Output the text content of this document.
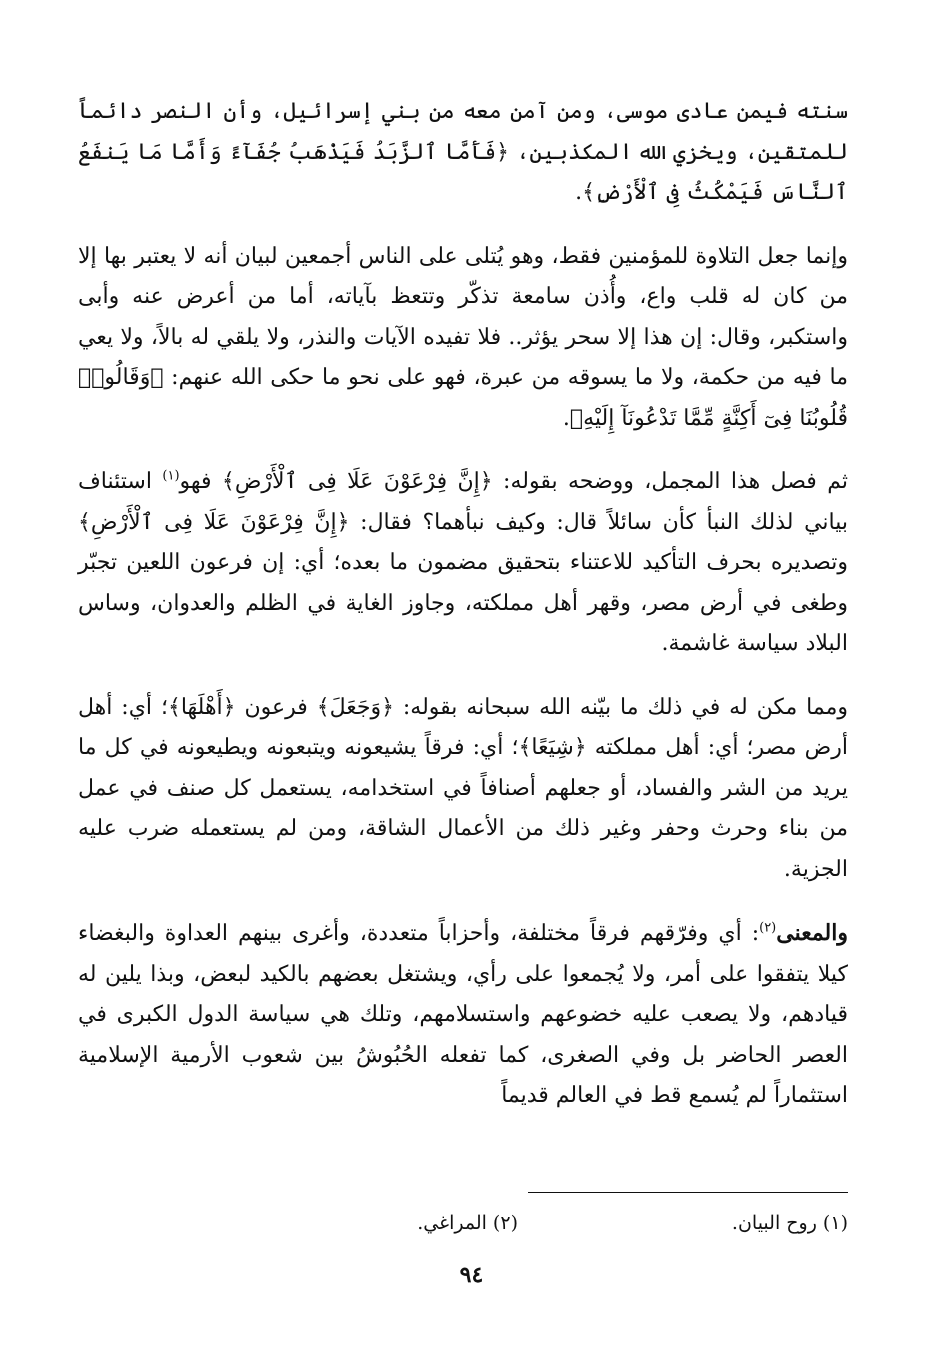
سنته فيمن عادى موسى، ومن آمن معه من بني إسرائيل، وأن النصر دائماً للمتقين، ويخزي الله المكذبين، ﴿فَأَمَّا ٱلزَّبَدُ فَيَذْهَبُ جُفَآءً وَأَمَّا مَا يَنفَعُ ٱلنَّاسَ فَيَمْكُثُ فِى ٱلْأَرْضِ﴾.

وإنما جعل التلاوة للمؤمنين فقط، وهو يُتلى على الناس أجمعين لبيان أنه لا يعتبر بها إلا من كان له قلب واع، وأُذن سامعة تذكّر وتتعظ بآياته، أما من أعرض عنه وأبى واستكبر، وقال: إن هذا إلا سحر يؤثر.. فلا تفيده الآيات والنذر، ولا يلقي له بالاً، ولا يعي ما فيه من حكمة، ولا ما يسوقه من عبرة، فهو على نحو ما حكى الله عنهم: ﴿وَقَالُوا۟ قُلُوبُنَا فِىٓ أَكِنَّةٍ مِّمَّا تَدْعُونَآ إِلَيْهِ﴾.

ثم فصل هذا المجمل، ووضحه بقوله: ﴿إِنَّ فِرْعَوْنَ عَلَا فِى ٱلْأَرْضِ﴾ فهو$^{(١)}$ استئناف بياني لذلك النبأ كأن سائلاً قال: وكيف نبأهما؟ فقال: ﴿إِنَّ فِرْعَوْنَ عَلَا فِى ٱلْأَرْضِ﴾ وتصديره بحرف التأكيد للاعتناء بتحقيق مضمون ما بعده؛ أي: إن فرعون اللعين تجبّر وطغى في أرض مصر، وقهر أهل مملكته، وجاوز الغاية في الظلم والعدوان، وساس البلاد سياسة غاشمة.

ومما مكن له في ذلك ما بيّنه الله سبحانه بقوله: ﴿وَجَعَلَ﴾ فرعون ﴿أَهْلَهَا﴾؛ أي: أهل أرض مصر؛ أي: أهل مملكته ﴿شِيَعًا﴾؛ أي: فرقاً يشيعونه ويتبعونه ويطيعونه في كل ما يريد من الشر والفساد، أو جعلهم أصنافاً في استخدامه، يستعمل كل صنف في عمل من بناء وحرث وحفر وغير ذلك من الأعمال الشاقة، ومن لم يستعمله ضرب عليه الجزية.

والمعنى$^{(٢)}$: أي وفرّقهم فرقاً مختلفة، وأحزاباً متعددة، وأغرى بينهم العداوة والبغضاء كيلا يتفقوا على أمر، ولا يُجمعوا على رأي، ويشتغل بعضهم بالكيد لبعض، وبذا يلين له قيادهم، ولا يصعب عليه خضوعهم واستسلامهم، وتلك هي سياسة الدول الكبرى في العصر الحاضر بل وفي الصغرى، كما تفعله الحُبُوشُ بين شعوب الأرمية الإسلامية استثماراً لم يُسمع قط في العالم قديماً

(١) روح البيان.
(٢) المراغي.
٩٤
